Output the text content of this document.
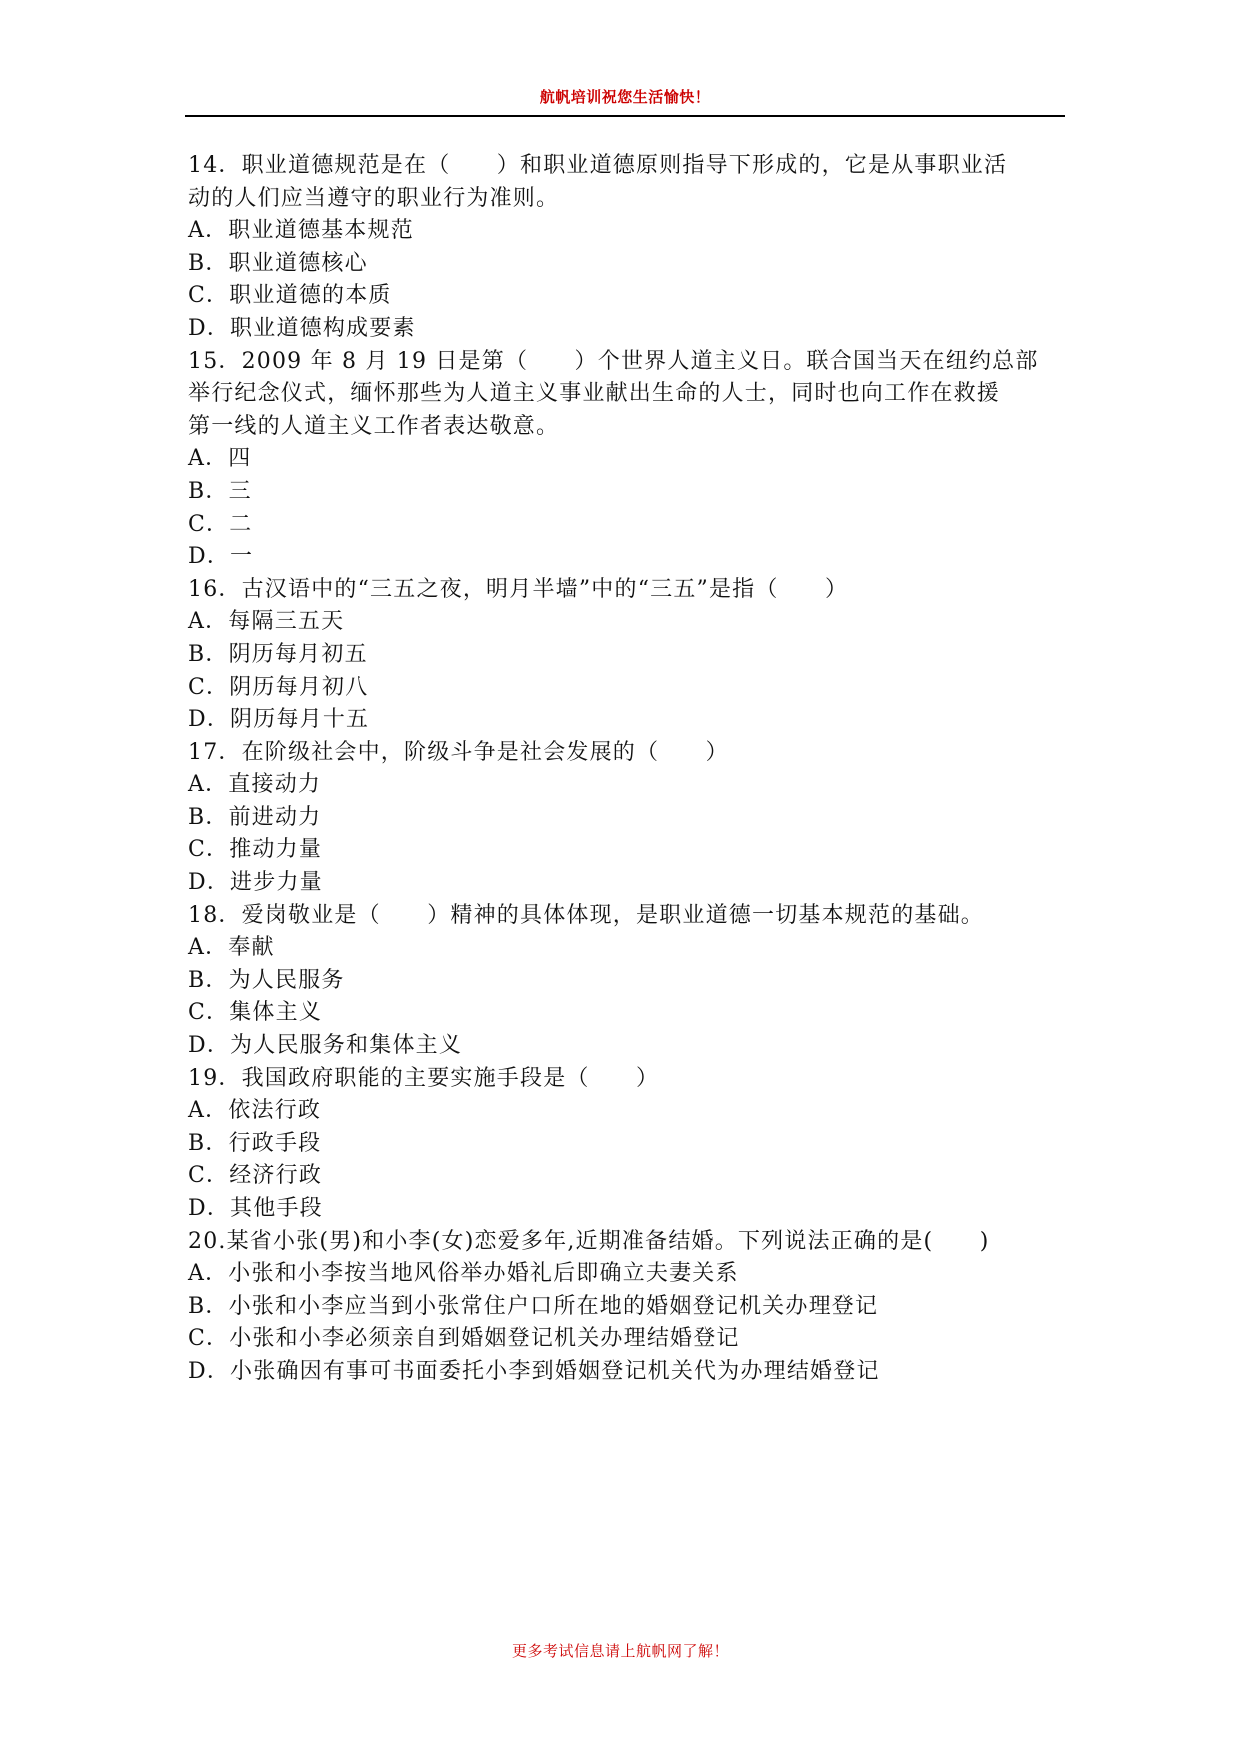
航帆培训祝您生活愉快！
14．职业道德规范是在（　　）和职业道德原则指导下形成的，它是从事职业活
动的人们应当遵守的职业行为准则。
A．职业道德基本规范
B．职业道德核心
C．职业道德的本质
D．职业道德构成要素
15．2009 年 8 月 19 日是第（　　）个世界人道主义日。联合国当天在纽约总部
举行纪念仪式，缅怀那些为人道主义事业献出生命的人士，同时也向工作在救援
第一线的人道主义工作者表达敬意。
A．四
B．三
C．二
D．一
16．古汉语中的“三五之夜，明月半墙”中的“三五”是指（　　）
A．每隔三五天
B．阴历每月初五
C．阴历每月初八
D．阴历每月十五
17．在阶级社会中，阶级斗争是社会发展的（　　）
A．直接动力
B．前进动力
C．推动力量
D．进步力量
18．爱岗敬业是（　　）精神的具体体现，是职业道德一切基本规范的基础。
A．奉献
B．为人民服务
C．集体主义
D．为人民服务和集体主义
19．我国政府职能的主要实施手段是（　　）
A．依法行政
B．行政手段
C．经济行政
D．其他手段
20.某省小张(男)和小李(女)恋爱多年,近期准备结婚。下列说法正确的是(　　)
A．小张和小李按当地风俗举办婚礼后即确立夫妻关系
B．小张和小李应当到小张常住户口所在地的婚姻登记机关办理登记
C．小张和小李必须亲自到婚姻登记机关办理结婚登记
D．小张确因有事可书面委托小李到婚姻登记机关代为办理结婚登记
更多考试信息请上航帆网了解！
